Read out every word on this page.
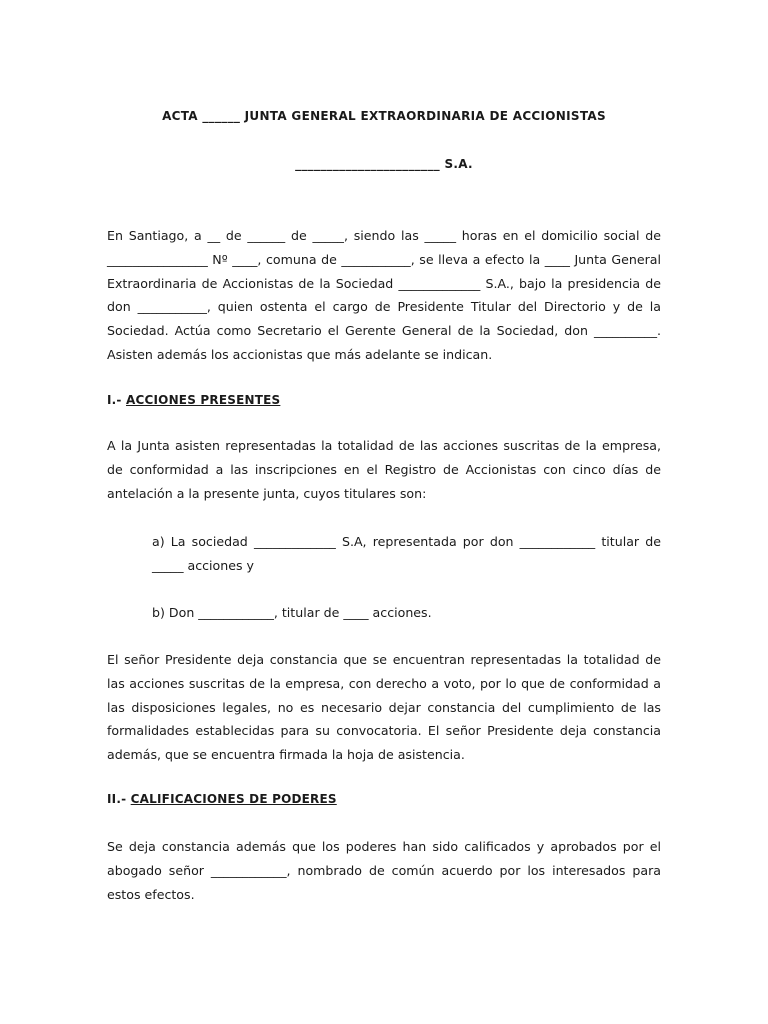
ACTA ______ JUNTA GENERAL EXTRAORDINARIA DE ACCIONISTAS
_______________________ S.A.

En Santiago, a __ de ______ de _____, siendo las _____ horas en el domicilio social de ________________ Nº ____, comuna de ___________, se lleva a efecto la ____ Junta General Extraordinaria de Accionistas de la Sociedad _____________ S.A., bajo la presidencia de don ___________, quien ostenta el cargo de Presidente Titular del Directorio y de la Sociedad. Actúa como Secretario el Gerente General de la Sociedad, don __________. Asisten además los accionistas que más adelante se indican.

I.- ACCIONES PRESENTES

A la Junta asisten representadas la totalidad de las acciones suscritas de la empresa, de conformidad a las inscripciones en el Registro de Accionistas con cinco días de antelación a la presente junta, cuyos titulares son:

a) La sociedad _____________ S.A, representada por don ____________ titular de _____ acciones y

b) Don ____________, titular de ____ acciones.

El señor Presidente deja constancia que se encuentran representadas la totalidad de las acciones suscritas de la empresa, con derecho a voto, por lo que de conformidad a las disposiciones legales, no es necesario dejar constancia del cumplimiento de las formalidades establecidas para su convocatoria. El señor Presidente deja constancia además, que se encuentra firmada la hoja de asistencia.

II.- CALIFICACIONES DE PODERES

Se deja constancia además que los poderes han sido calificados y aprobados por el abogado señor ____________, nombrado de común acuerdo por los interesados para estos efectos.
